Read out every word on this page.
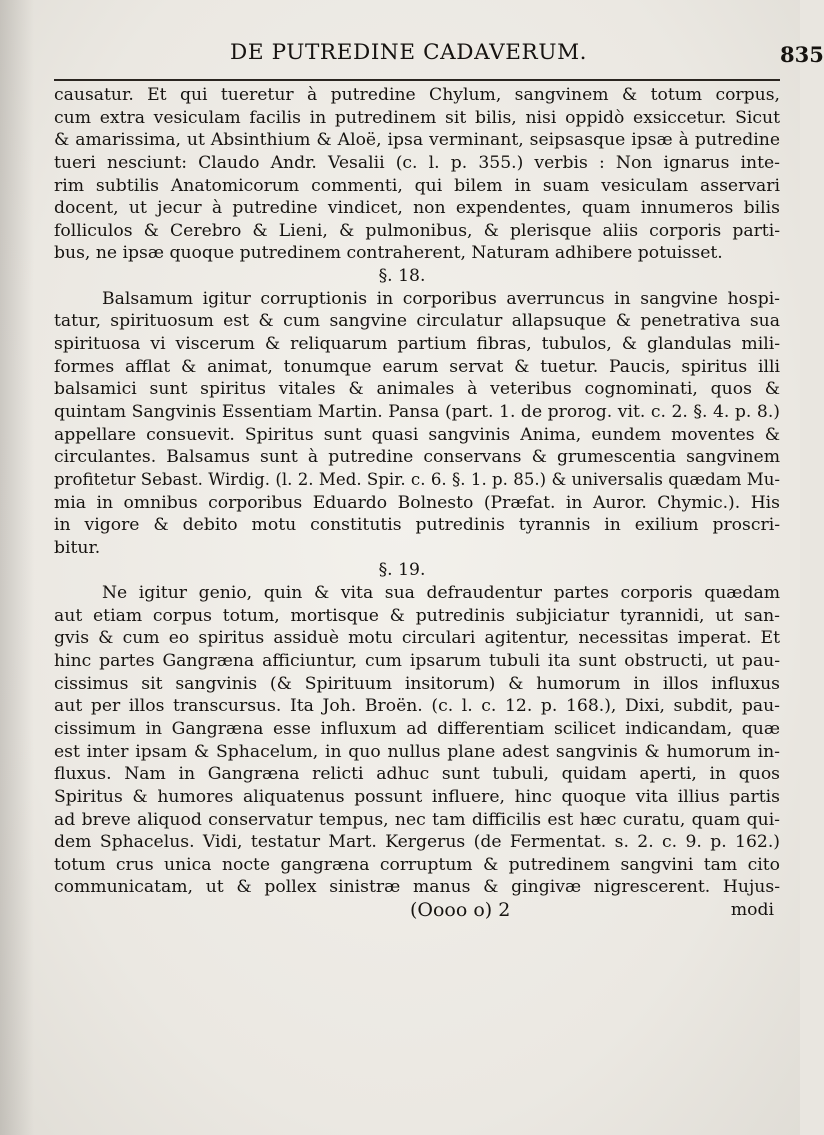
DE PUTREDINE CADAVERUM.	835
causatur. Et qui tueretur à putredine Chylum, sangvinem & totum corpus,
cum extra vesiculam facilis in putredinem sit bilis, nisi oppidò exsiccetur. Sicut
& amarissima, ut Absinthium & Aloë, ipsa verminant, seipsasque ipsæ à putredine
tueri nesciunt: Claudo Andr. Vesalii (c. l. p. 355.) verbis : Non ignarus inte-
rim subtilis Anatomicorum commenti, qui bilem in suam vesiculam asservari
docent, ut jecur à putredine vindicet, non expendentes, quam innumeros bilis
folliculos & Cerebro & Lieni, & pulmonibus, & plerisque aliis corporis parti-
bus, ne ipsæ quoque putredinem contraherent, Naturam adhibere potuisset.
§. 18.
Balsamum igitur corruptionis in corporibus averruncus in sangvine hospi-
tatur, spirituosum est & cum sangvine circulatur allapsuque & penetrativa sua
spirituosa vi viscerum & reliquarum partium fibras, tubulos, & glandulas mili-
formes afflat & animat, tonumque earum servat & tuetur. Paucis, spiritus illi
balsamici sunt spiritus vitales & animales à veteribus cognominati, quos &
quintam Sangvinis Essentiam Martin. Pansa (part. 1. de prorog. vit. c. 2. §. 4. p. 8.)
appellare consuevit. Spiritus sunt quasi sangvinis Anima, eundem moventes &
circulantes. Balsamus sunt à putredine conservans & grumescentia sangvinem
profitetur Sebast. Wirdig. (l. 2. Med. Spir. c. 6. §. 1. p. 85.) & universalis quædam Mu-
mia in omnibus corporibus Eduardo Bolnesto (Præfat. in Auror. Chymic.). His
in vigore & debito motu constitutis putredinis tyrannis in exilium proscri-
bitur.
§. 19.
Ne igitur genio, quin & vita sua defraudentur partes corporis quædam
aut etiam corpus totum, mortisque & putredinis subjiciatur tyrannidi, ut san-
gvis & cum eo spiritus assiduè motu circulari agitentur, necessitas imperat. Et
hinc partes Gangræna afficiuntur, cum ipsarum tubuli ita sunt obstructi, ut pau-
cissimus sit sangvinis (& Spirituum insitorum) & humorum in illos influxus
aut per illos transcursus. Ita Joh. Broën. (c. l. c. 12. p. 168.), Dixi, subdit, pau-
cissimum in Gangræna esse influxum ad differentiam scilicet indicandam, quæ
est inter ipsam & Sphacelum, in quo nullus plane adest sangvinis & humorum in-
fluxus. Nam in Gangræna relicti adhuc sunt tubuli, quidam aperti, in quos
Spiritus & humores aliquatenus possunt influere, hinc quoque vita illius partis
ad breve aliquod conservatur tempus, nec tam difficilis est hæc curatu, quam qui-
dem Sphacelus. Vidi, testatur Mart. Kergerus (de Fermentat. s. 2. c. 9. p. 162.)
totum crus unica nocte gangræna corruptum & putredinem sangvini tam cito
communicatam, ut & pollex sinistræ manus & gingivæ nigrescerent. Hujus-
(Oooo o) 2	modi
